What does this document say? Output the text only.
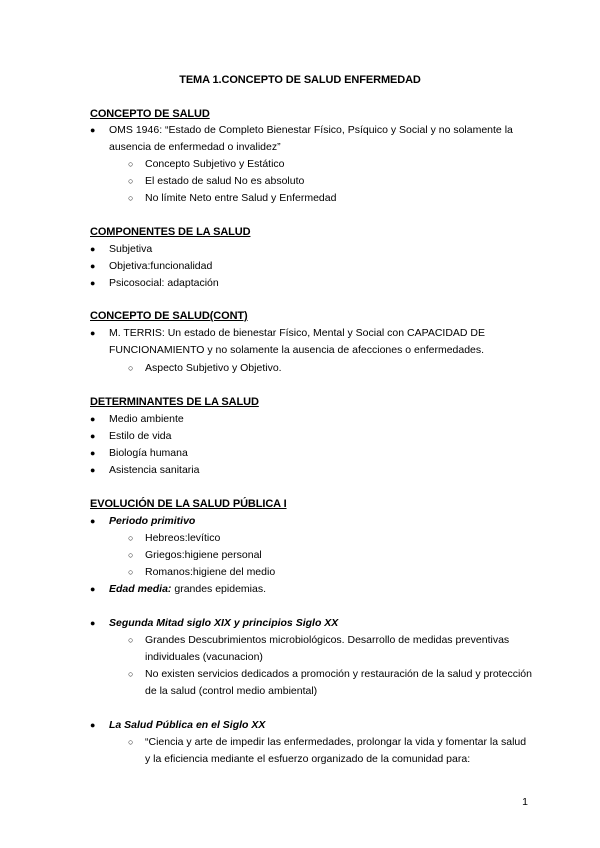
TEMA 1.CONCEPTO DE SALUD ENFERMEDAD
CONCEPTO DE SALUD
● OMS 1946: “Estado de Completo Bienestar Físico, Psíquico y Social y no solamente la ausencia de enfermedad o invalidez”
○ Concepto Subjetivo y Estático
○ El estado de salud No es absoluto
○ No límite Neto entre Salud y Enfermedad
COMPONENTES DE LA SALUD
● Subjetiva
● Objetiva:funcionalidad
● Psicosocial: adaptación
CONCEPTO DE SALUD(CONT)
● M. TERRIS: Un estado de bienestar Físico, Mental y Social con CAPACIDAD DE FUNCIONAMIENTO y no solamente la ausencia de afecciones o enfermedades.
○ Aspecto Subjetivo y Objetivo.
DETERMINANTES DE LA SALUD
● Medio ambiente
● Estilo de vida
● Biología humana
● Asistencia sanitaria
EVOLUCIÓN DE LA SALUD PÚBLICA I
● Periodo primitivo
○ Hebreos:levítico
○ Griegos:higiene personal
○ Romanos:higiene del medio
● Edad media: grandes epidemias.
● Segunda Mitad siglo XIX y principios Siglo XX
○ Grandes Descubrimientos microbiológicos. Desarrollo de medidas preventivas individuales (vacunacion)
○ No existen servicios dedicados a promoción y restauración de la salud y protección de la salud (control medio ambiental)
● La Salud Pública en el Siglo XX
○ “Ciencia y arte de impedir las enfermedades, prolongar la vida y fomentar la salud y la eficiencia mediante el esfuerzo organizado de la comunidad para:
1
